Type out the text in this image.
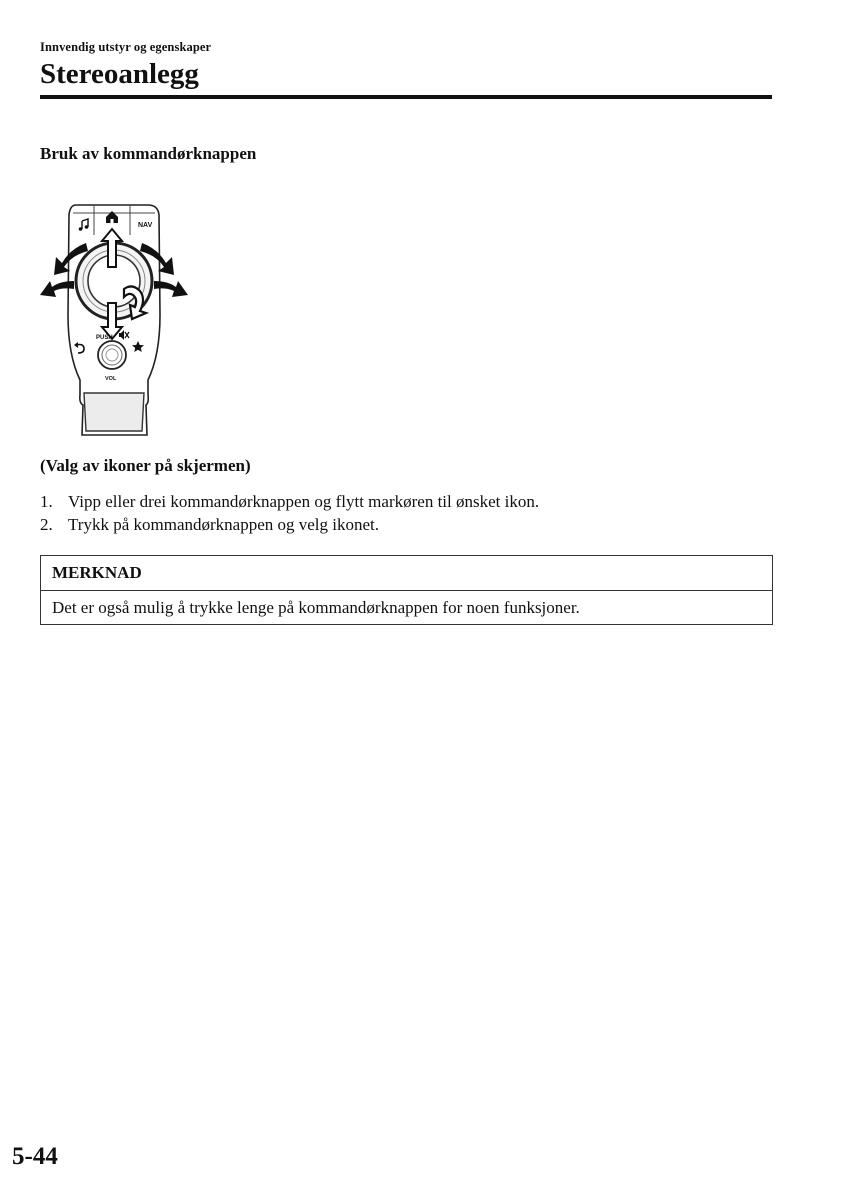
Innvendig utstyr og egenskaper
Stereoanlegg
Bruk av kommandørknappen
NAV
PUSH
VOL
(Valg av ikoner på skjermen)
1. Vipp eller drei kommandørknappen og flytt markøren til ønsket ikon.
2. Trykk på kommandørknappen og velg ikonet.
MERKNAD
Det er også mulig å trykke lenge på kommandørknappen for noen funksjoner.
5-44
